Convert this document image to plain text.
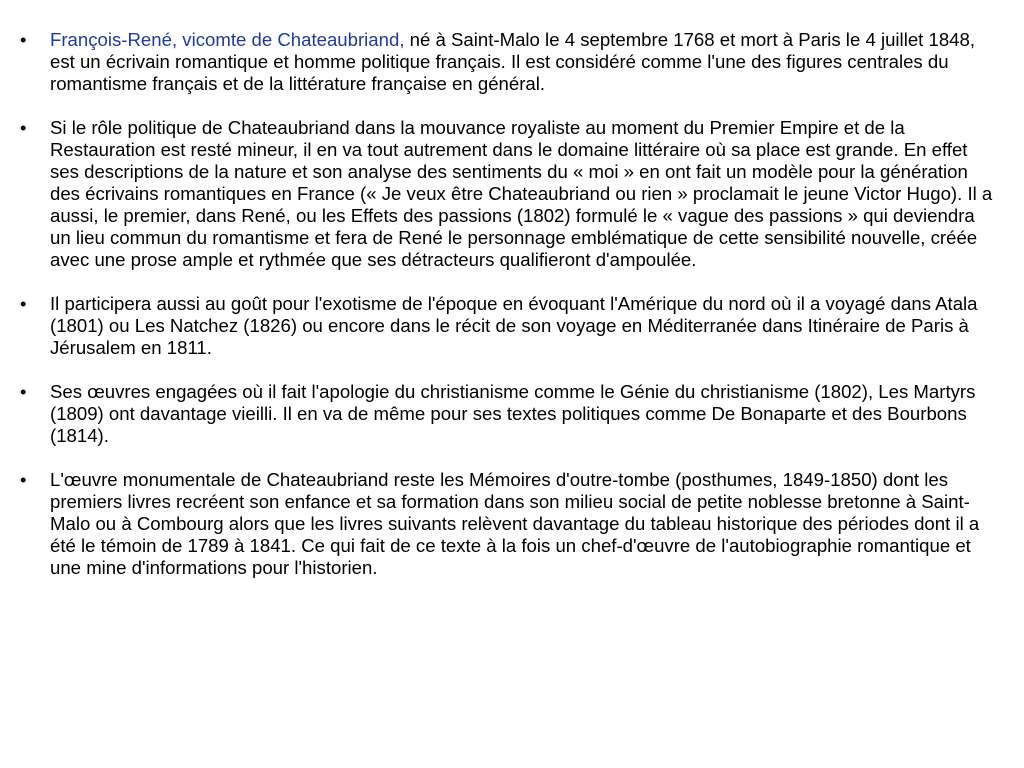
•	François-René, vicomte de Chateaubriand, né à Saint-Malo le 4 septembre 1768 et mort à Paris le 4 juillet 1848, est un écrivain romantique et homme politique français. Il est considéré comme l'une des figures centrales du romantisme français et de la littérature française en général.
•	Si le rôle politique de Chateaubriand dans la mouvance royaliste au moment du Premier Empire et de la Restauration est resté mineur, il en va tout autrement dans le domaine littéraire où sa place est grande. En effet ses descriptions de la nature et son analyse des sentiments du « moi » en ont fait un modèle pour la génération des écrivains romantiques en France (« Je veux être Chateaubriand ou rien » proclamait le jeune Victor Hugo). Il a aussi, le premier, dans René, ou les Effets des passions (1802) formulé le « vague des passions » qui deviendra un lieu commun du romantisme et fera de René le personnage emblématique de cette sensibilité nouvelle, créée avec une prose ample et rythmée que ses détracteurs qualifieront d'ampoulée.
•	Il participera aussi au goût pour l'exotisme de l'époque en évoquant l'Amérique du nord où il a voyagé dans Atala (1801) ou Les Natchez (1826) ou encore dans le récit de son voyage en Méditerranée dans Itinéraire de Paris à Jérusalem en 1811.
•	Ses œuvres engagées où il fait l'apologie du christianisme comme le Génie du christianisme (1802), Les Martyrs (1809) ont davantage vieilli. Il en va de même pour ses textes politiques comme De Bonaparte et des Bourbons (1814).
•	L'œuvre monumentale de Chateaubriand reste les Mémoires d'outre-tombe (posthumes, 1849-1850) dont les premiers livres recréent son enfance et sa formation dans son milieu social de petite noblesse bretonne à Saint-Malo ou à Combourg alors que les livres suivants relèvent davantage du tableau historique des périodes dont il a été le témoin de 1789 à 1841. Ce qui fait de ce texte à la fois un chef-d'œuvre de l'autobiographie romantique et une mine d'informations pour l'historien.
